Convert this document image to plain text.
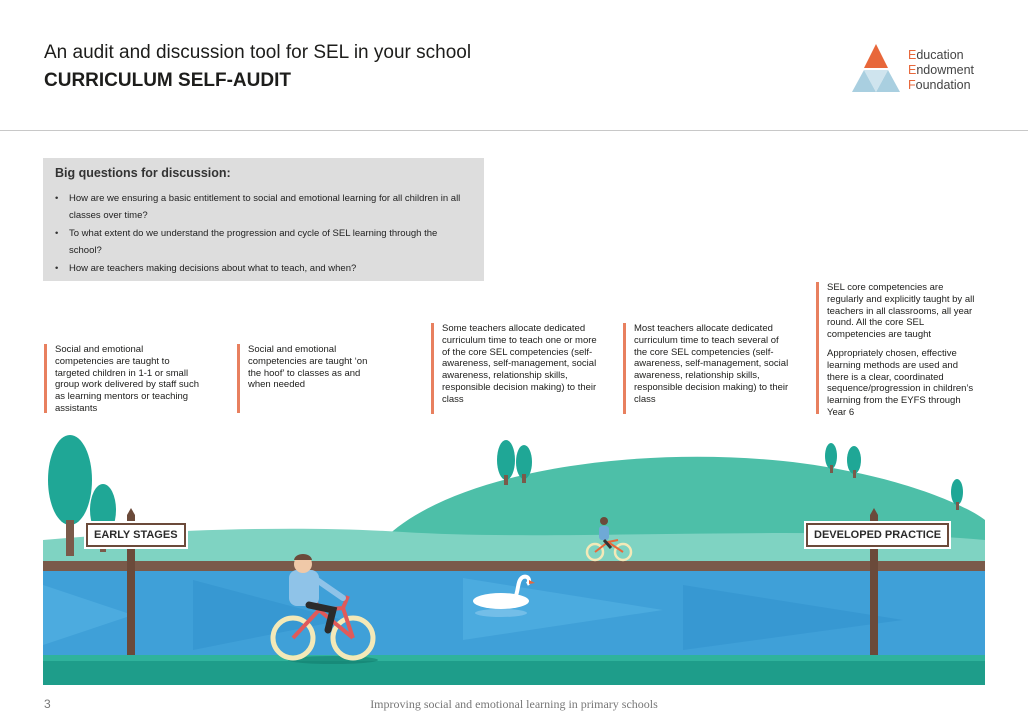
An audit and discussion tool for SEL in your school
CURRICULUM SELF-AUDIT
Education
Endowment
Foundation
Big questions for discussion:
• How are we ensuring a basic entitlement to social and emotional learning for all children in all classes over time?
• To what extent do we understand the progression and cycle of SEL learning through the school?
• How are teachers making decisions about what to teach, and when?

Social and emotional competencies are taught to targeted children in 1-1 or small group work delivered by staff such as learning mentors or teaching assistants

Social and emotional competencies are taught ‘on the hoof’ to classes as and when needed

Some teachers allocate dedicated curriculum time to teach one or more of the core SEL competencies (self-awareness, self-management, social awareness, relationship skills, responsible decision making) to their class

Most teachers allocate dedicated curriculum time to teach several of the core SEL competencies (self-awareness, self-management, social awareness, relationship skills, responsible decision making) to their class

SEL core competencies are regularly and explicitly taught by all teachers in all classrooms, all year round. All the core SEL competencies are taught

Appropriately chosen, effective learning methods are used and there is a clear, coordinated sequence/progression in children’s learning from the EYFS through Year 6

EARLY STAGES	DEVELOPED PRACTICE
3	Improving social and emotional learning in primary schools
